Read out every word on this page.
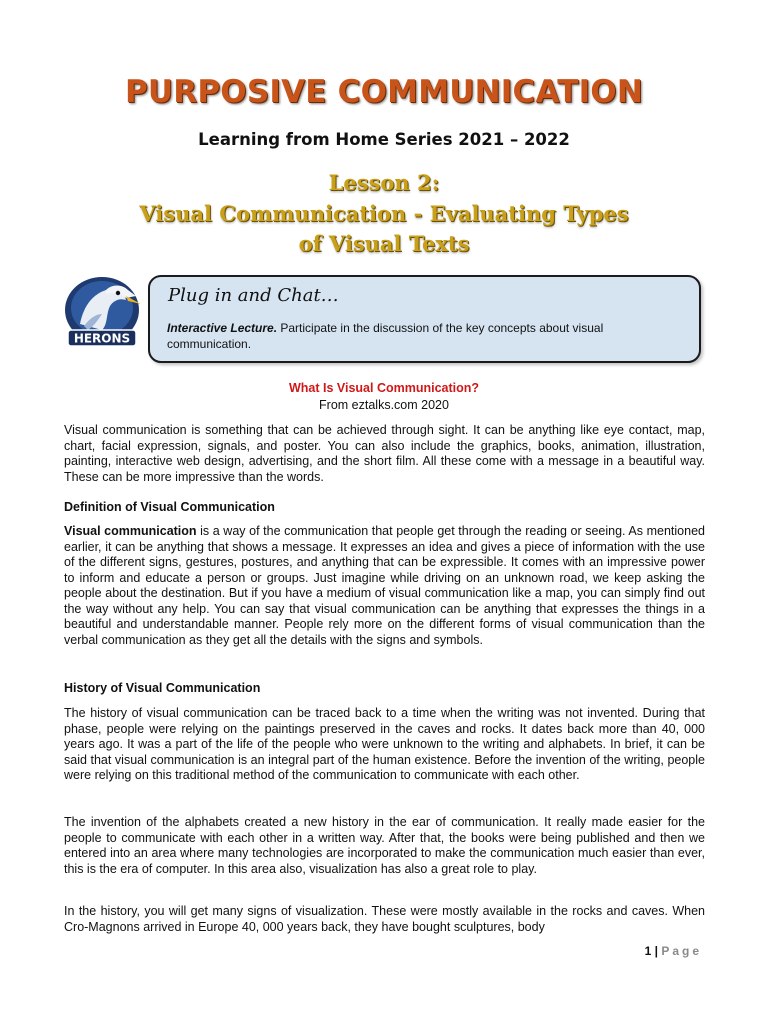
PURPOSIVE COMMUNICATION
Learning from Home Series 2021 – 2022
Lesson 2:
Visual Communication - Evaluating Types
of Visual Texts
HERONS
Plug in and Chat…
Interactive Lecture. Participate in the discussion of the key concepts about visual communication.
What Is Visual Communication?
From eztalks.com 2020

Visual communication is something that can be achieved through sight. It can be anything like eye contact, map, chart, facial expression, signals, and poster. You can also include the graphics, books, animation, illustration, painting, interactive web design, advertising, and the short film. All these come with a message in a beautiful way. These can be more impressive than the words.

Definition of Visual Communication

Visual communication is a way of the communication that people get through the reading or seeing. As mentioned earlier, it can be anything that shows a message. It expresses an idea and gives a piece of information with the use of the different signs, gestures, postures, and anything that can be expressible. It comes with an impressive power to inform and educate a person or groups. Just imagine while driving on an unknown road, we keep asking the people about the destination. But if you have a medium of visual communication like a map, you can simply find out the way without any help. You can say that visual communication can be anything that expresses the things in a beautiful and understandable manner. People rely more on the different forms of visual communication than the verbal communication as they get all the details with the signs and symbols.

History of Visual Communication

The history of visual communication can be traced back to a time when the writing was not invented. During that phase, people were relying on the paintings preserved in the caves and rocks. It dates back more than 40, 000 years ago. It was a part of the life of the people who were unknown to the writing and alphabets. In brief, it can be said that visual communication is an integral part of the human existence. Before the invention of the writing, people were relying on this traditional method of the communication to communicate with each other.

The invention of the alphabets created a new history in the ear of communication. It really made easier for the people to communicate with each other in a written way. After that, the books were being published and then we entered into an area where many technologies are incorporated to make the communication much easier than ever, this is the era of computer. In this area also, visualization has also a great role to play.

In the history, you will get many signs of visualization. These were mostly available in the rocks and caves. When Cro-Magnons arrived in Europe 40, 000 years back, they have bought sculptures, body

1 | Page
